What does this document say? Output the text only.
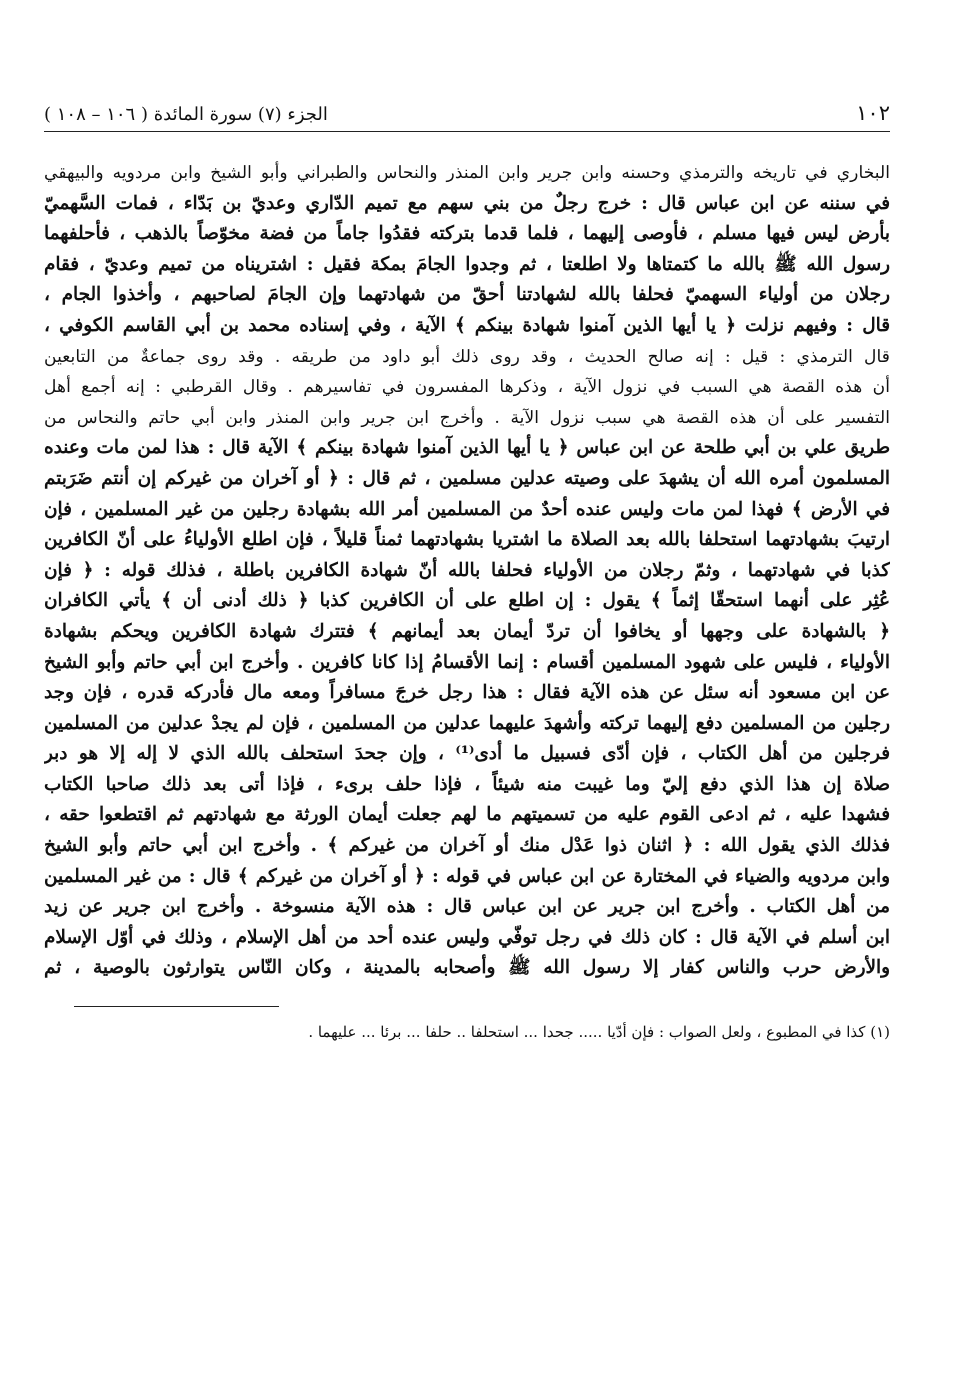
١٠٢
الجزء (٧) سورة المائدة ( ١٠٦ – ١٠٨ )
البخاري في تاريخه والترمذي وحسنه وابن جرير وابن المنذر والنحاس والطبراني وأبو الشيخ وابن مردويه والبيهقي
في سننه عن ابن عباس قال : خرج رجلٌ من بني سهم مع تميم الدّاري وعديّ بن بَدّاء ، فمات السَّهميّ
بأرض ليس فيها مسلم ، فأوصى إليهما ، فلما قدما بتركته فقدُوا جاماً من فضة مخوّصاً بالذهب ، فأحلفهما
رسول الله ﷺ بالله ما كتمتاها ولا اطلعتا ، ثم وجدوا الجامَ بمكة فقيل : اشتريناه من تميم وعديّ ، فقام
رجلان من أولياء السهميّ فحلفا بالله لشهادتنا أحقّ من شهادتهما وإن الجامَ لصاحبهم ، وأخذوا الجام ،
قال : وفيهم نزلت ﴿ يا أيها الذين آمنوا شهادة بينكم ﴾ الآية ، وفي إسناده محمد بن أبي القاسم الكوفي ،
قال الترمذي : قيل : إنه صالح الحديث ، وقد روى ذلك أبو داود من طريقه . وقد روى جماعةٌ من التابعين
أن هذه القصة هي السبب في نزول الآية ، وذكرها المفسرون في تفاسيرهم . وقال القرطبي : إنه أجمع أهل
التفسير على أن هذه القصة هي سبب نزول الآية . وأخرج ابن جرير وابن المنذر وابن أبي حاتم والنحاس من
طريق علي بن أبي طلحة عن ابن عباس ﴿ يا أيها الذين آمنوا شهادة بينكم ﴾ الآية قال : هذا لمن مات وعنده
المسلمون أمره الله أن يشهدَ على وصيته عدلين مسلمين ، ثم قال : ﴿ أو آخران من غيركم إن أنتم ضَرَبتم
في الأرض ﴾ فهذا لمن مات وليس عنده أحدٌ من المسلمين أمر الله بشهادة رجلين من غير المسلمين ، فإن
ارتيبَ بشهادتهما استحلفا بالله بعد الصلاة ما اشتريا بشهادتهما ثمناً قليلاً ، فإن اطلع الأولياءُ على أنّ الكافرين
كذبا في شهادتهما ، وثمّ رجلان من الأولياء فحلفا بالله أنّ شهادة الكافرين باطلة ، فذلك قوله : ﴿ فإن
عُثِر على أنهما استحقّا إثماً ﴾ يقول : إن اطلع على أن الكافرين كذبا ﴿ ذلك أدنى أن ﴾ يأتي الكافران
﴿ بالشهادة على وجهها أو يخافوا أن تردّ أيمان بعد أيمانهم ﴾ فتترك شهادة الكافرين ويحكم بشهادة
الأولياء ، فليس على شهود المسلمين أقسام : إنما الأقسامُ إذا كانا كافرين . وأخرج ابن أبي حاتم وأبو الشيخ
عن ابن مسعود أنه سئل عن هذه الآية فقال : هذا رجل خرجَ مسافراً ومعه مال فأدركه قدره ، فإن وجد
رجلين من المسلمين دفع إليهما تركته وأشهدَ عليهما عدلين من المسلمين ، فإن لم يجدْ عدلين من المسلمين
فرجلين من أهل الكتاب ، فإن أدّى فسبيل ما أدى⁽¹⁾ ، وإن جحدَ استحلف بالله الذي لا إله إلا هو دبر
صلاة إن هذا الذي دفع إليّ وما غيبت منه شيئاً ، فإذا حلف برىء ، فإذا أتى بعد ذلك صاحبا الكتاب
فشهدا عليه ، ثم ادعى القوم عليه من تسميتهم ما لهم جعلت أيمان الورثة مع شهادتهم ثم اقتطعوا حقه ،
فذلك الذي يقول الله : ﴿ اثنان ذوا عَدْل منك أو آخران من غيركم ﴾ . وأخرج ابن أبي حاتم وأبو الشيخ
وابن مردويه والضياء في المختارة عن ابن عباس في قوله : ﴿ أو آخران من غيركم ﴾ قال : من غير المسلمين
من أهل الكتاب . وأخرج ابن جرير عن ابن عباس قال : هذه الآية منسوخة . وأخرج ابن جرير عن زيد
ابن أسلم في الآية قال : كان ذلك في رجل توفّي وليس عنده أحد من أهل الإسلام ، وذلك في أوّل الإسلام
والأرض حرب والناس كفار إلا رسول الله ﷺ وأصحابه بالمدينة ، وكان النّاس يتوارثون بالوصية ، ثم
(١) كذا في المطبوع ، ولعل الصواب : فإن أدّيا ..... جحدا ... استحلفا .. حلفا ... برئا ... عليهما .
